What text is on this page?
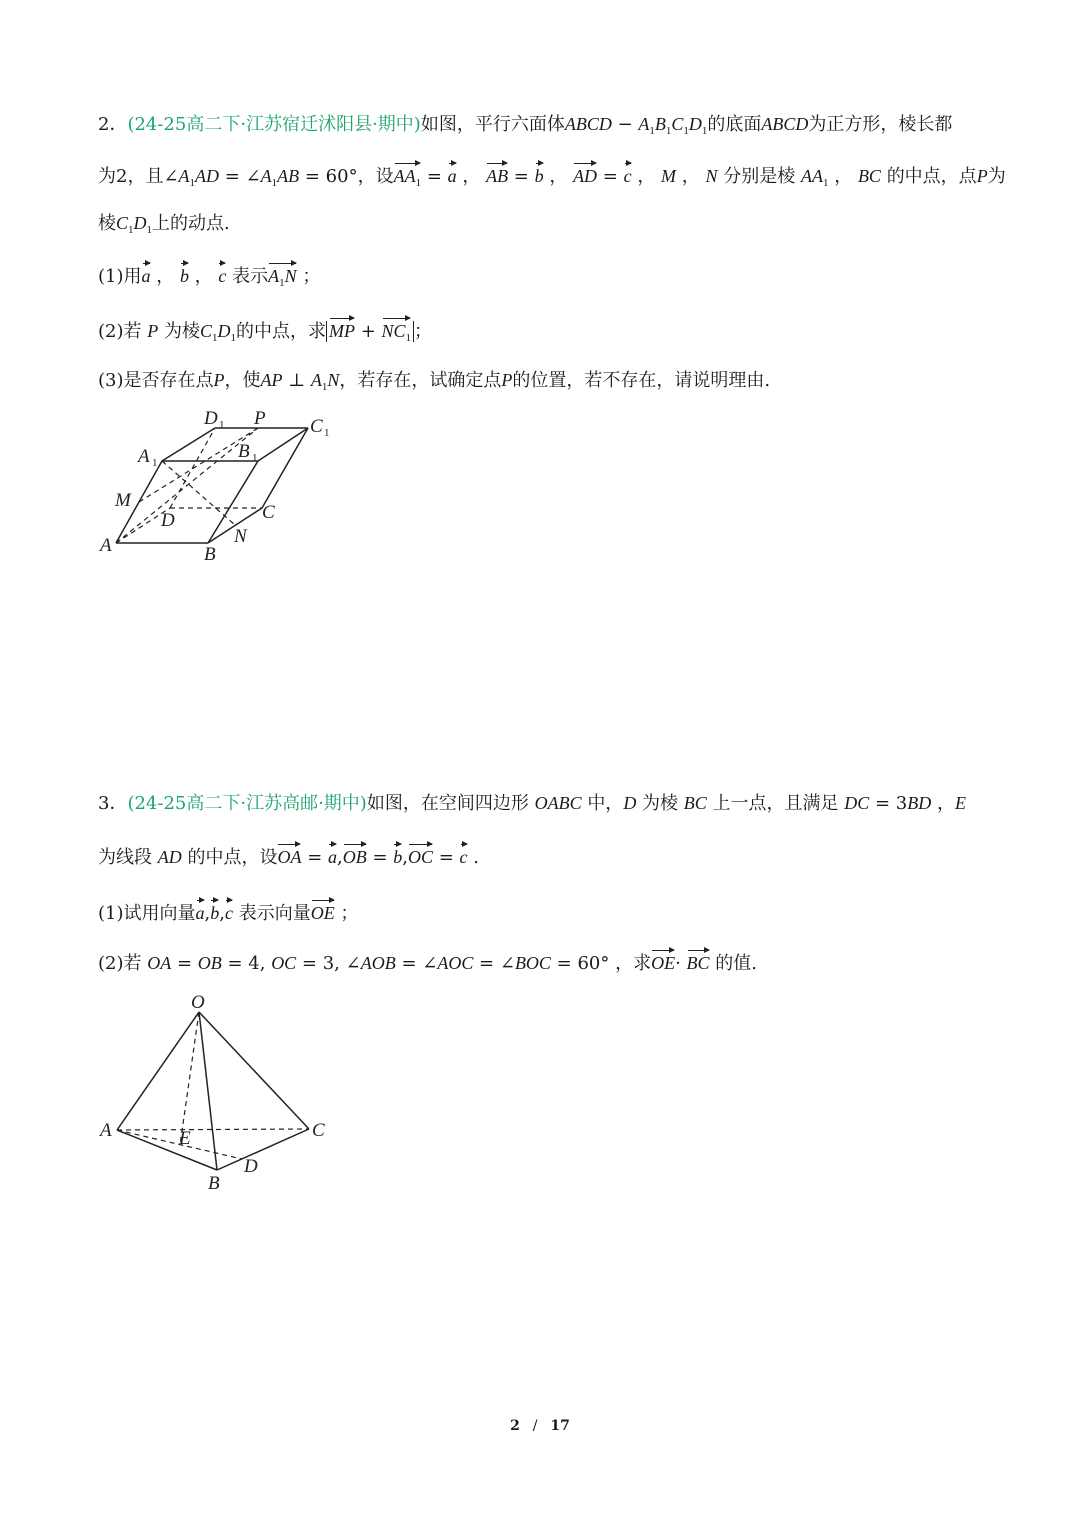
2．(24-25高二下·江苏宿迁沭阳县·期中)如图，平行六面体ABCD − $A_1B_1C_1D_1$的底面ABCD为正方形，棱长都
为2，且$\angle A_1AD$ = $\angle A_1AB = 60^\circ$，设$AA_1 = a$ ， AB = b ， AD = c ， M ， N 分别是棱 $AA_1$ ， BC 的中点，点P为
棱$C_1D_1$上的动点.
(1)用a ， b ， c 表示$A_1N$ ；
(2)若 P 为棱$C_1D_1$的中点，求 MP + $NC_1$ ；
(3)是否存在点P，使AP ⊥ $A_1N$，若存在，试确定点P的位置，若不存在，请说明理由.
D 1 P C 1
A 1
B 1
M
D	C
A	N
B
3．(24-25高二下·江苏高邮·期中)如图，在空间四边形 OABC 中，D 为棱 BC 上一点，且满足 DC = 3BD ，E
为线段 AD 的中点，设OA = a,OB = b,OC = c .
(1)试用向量a,b,c 表示向量OE ；
(2)若 OA = OB = 4, OC = 3, ∠AOB = ∠AOC = ∠BOC = 60° ，求OE· BC 的值.
O
A	E	C
D
B
2 / 17
